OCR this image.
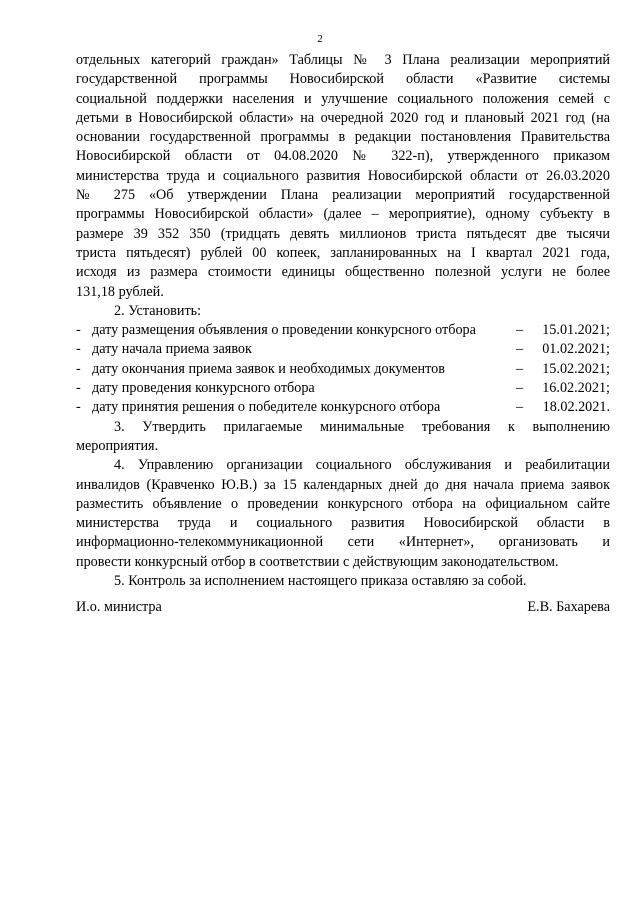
2
отдельных категорий граждан» Таблицы № 3 Плана реализации мероприятий
государственной программы Новосибирской области «Развитие системы
социальной поддержки населения и улучшение социального положения семей с
детьми в Новосибирской области» на очередной 2020 год и плановый 2021 год (на
основании государственной программы в редакции постановления Правительства
Новосибирской области от 04.08.2020 № 322-п), утвержденного приказом
министерства труда и социального развития Новосибирской области от 26.03.2020
№ 275 «Об утверждении Плана реализации мероприятий государственной
программы Новосибирской области» (далее – мероприятие), одному субъекту в
размере 39 352 350 (тридцать девять миллионов триста пятьдесят две тысячи
триста пятьдесят) рублей 00 копеек, запланированных на I квартал 2021 года,
исходя из размера стоимости единицы общественно полезной услуги не более
131,18 рублей.
2. Установить:
- дату размещения объявления о проведении конкурсного отбора	– 15.01.2021;
- дату начала приема заявок	– 01.02.2021;
- дату окончания приема заявок и необходимых документов	– 15.02.2021;
- дату проведения конкурсного отбора	– 16.02.2021;
- дату принятия решения о победителе конкурсного отбора	– 18.02.2021.
3. Утвердить прилагаемые минимальные требования к выполнению
мероприятия.
4. Управлению организации социального обслуживания и реабилитации
инвалидов (Кравченко Ю.В.) за 15 календарных дней до дня начала приема заявок
разместить объявление о проведении конкурсного отбора на официальном сайте
министерства труда и социального развития Новосибирской области в
информационно-телекоммуникационной сети «Интернет», организовать и
провести конкурсный отбор в соответствии с действующим законодательством.
5. Контроль за исполнением настоящего приказа оставляю за собой.
И.о. министра	Е.В. Бахарева
